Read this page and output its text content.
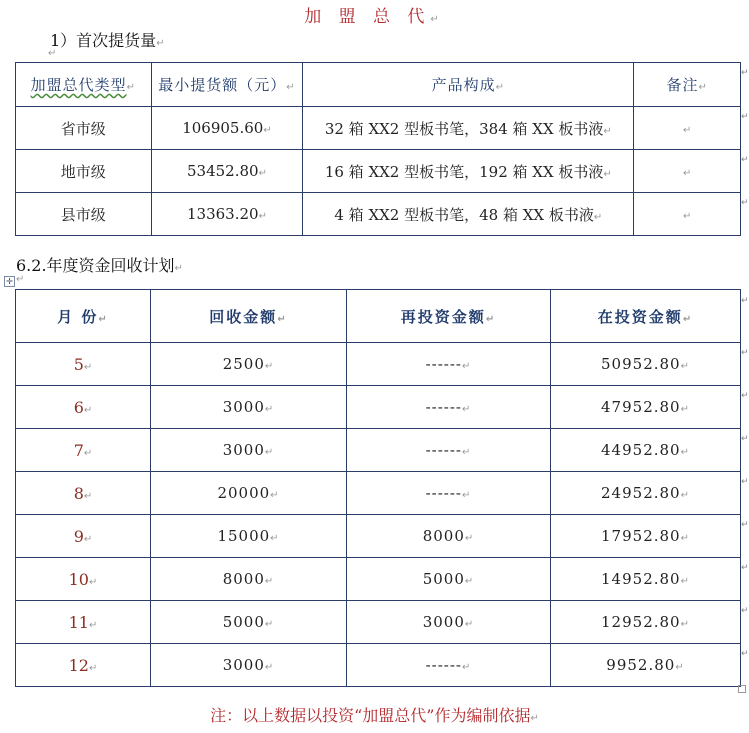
加 盟 总 代↵
1）首次提货量↵
↵
加盟总代类型↵	最小提货额（元）↵	产品构成↵	备注↵
省市级	106905.60↵	32 箱 XX2 型板书笔，384 箱 XX 板书液↵	↵
地市级	53452.80↵	16 箱 XX2 型板书笔，192 箱 XX 板书液↵	↵
县市级	13363.20↵	4 箱 XX2 型板书笔，48 箱 XX 板书液↵	↵
↵
↵
↵
↵
6.2.年度资金回收计划↵
✛ ↵
月 份↵	回收金额↵	再投资金额↵	在投资金额↵
5↵	2500↵	------↵	50952.80↵
6↵	3000↵	------↵	47952.80↵
7↵	3000↵	------↵	44952.80↵
8↵	20000↵	------↵	24952.80↵
9↵	15000↵	8000↵	17952.80↵
10↵	8000↵	5000↵	14952.80↵
11↵	5000↵	3000↵	12952.80↵
12↵	3000↵	------↵	9952.80↵
↵
↵
↵
↵
↵
↵
↵
↵
↵
注：以上数据以投资“加盟总代”作为编制依据↵
